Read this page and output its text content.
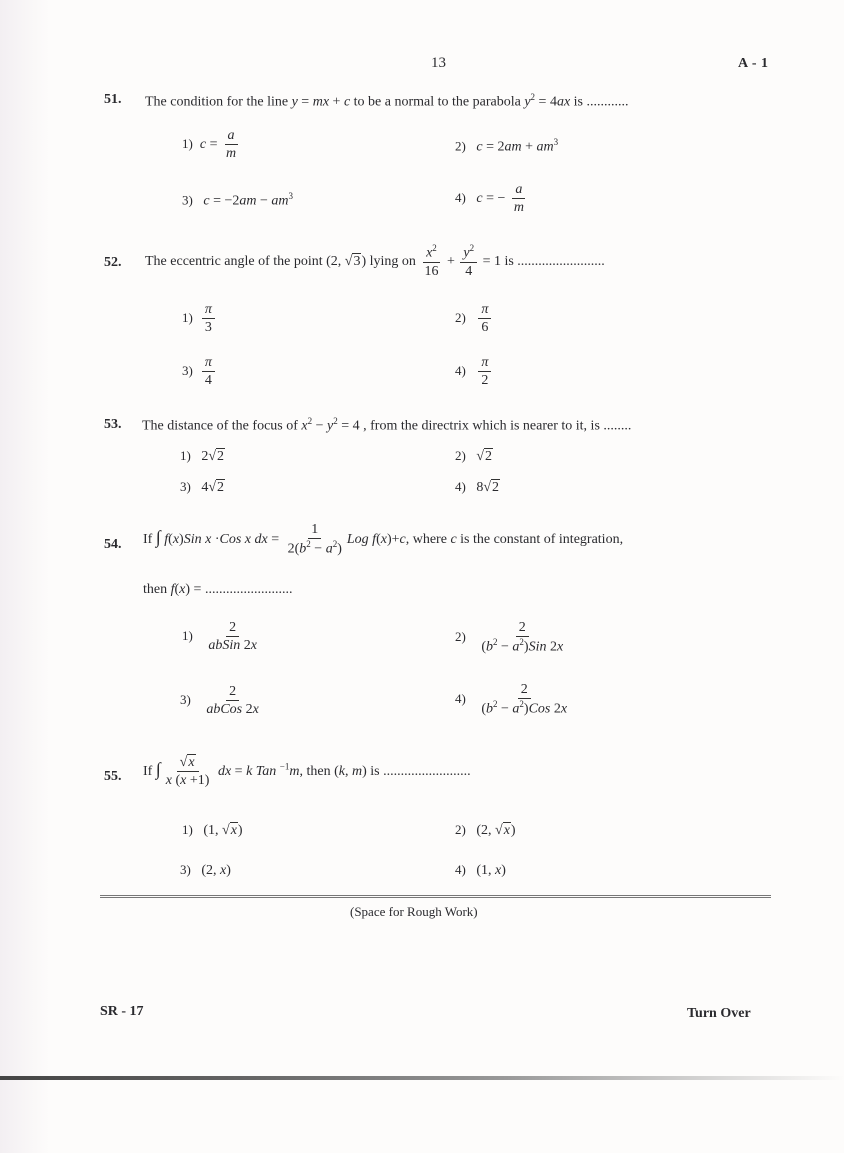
13	A - 1
51. The condition for the line y = mx + c to be a normal to the parabola $y^2 = 4ax$ is ............
1) $c = \frac{a}{m}$	2) $c = 2am + am^3$
3) $c = -2am - am^3$	4) c = − $\frac{a}{m}$
52. The eccentric angle of the point (2, √3) lying on $\frac{x^2}{16} + \frac{y^2}{4} = 1$ is .........................
$1) \frac{\pi}{3}$	$2) \frac{\pi}{6}$
$3) \frac{\pi}{4}$	$4) \frac{\pi}{2}$
53. The distance of the focus of $x^2 - y^2 = 4$ , from the directrix which is nearer to it, is ........
1)   2√2	2)   √2
3)   4√2	4)   8√2
54. If ∫ f(x)Sin x ·Cos x dx = $\frac{1}{2(b^2 - a^2)}$ Log f(x)+c, where c is the constant of integration,
then f(x) = .........................
$1) \frac{2}{\text{abSin 2x}}$	$2) \frac{2}{(b^2 - a^2)Sin 2x}$
$3) \frac{2}{\text{abCos 2x}}$	$4) \frac{2}{(b^2 - a^2)Cos 2x}$
55. If ∫ $\frac{√x}{x (x +1)}$ dx = k Tan $^{-1}$m, then (k, m) is .........................
1)   (1, √x)	2)   (2, √x)
3)   (2, x)	4)   (1, x)
(Space for Rough Work)
SR - 17	Turn Over
